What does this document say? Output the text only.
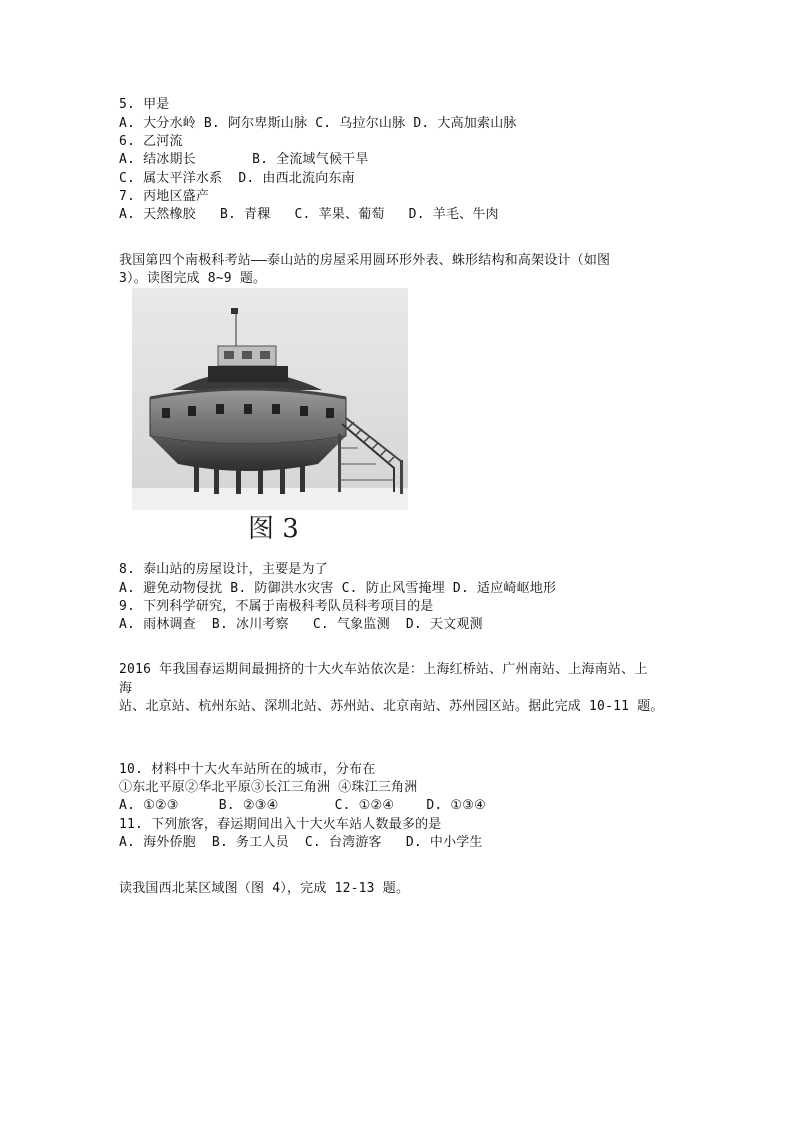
5. 甲是
A. 大分水岭 B. 阿尔卑斯山脉 C. 乌拉尔山脉 D. 大高加索山脉
6. 乙河流
A. 结冰期长       B. 全流域气候干旱
C. 属太平洋水系  D. 由西北流向东南
7. 丙地区盛产
A. 天然橡胶   B. 青稞   C. 苹果、葡萄   D. 羊毛、牛肉
我国第四个南极科考站——泰山站的房屋采用圆环形外表、蛛形结构和高架设计（如图
3）。读图完成 8~9 题。
图 3
8. 泰山站的房屋设计，主要是为了
A. 避免动物侵扰 B. 防御洪水灾害 C. 防止风雪掩埋 D. 适应崎岖地形
9. 下列科学研究，不属于南极科考队员科考项目的是
A. 雨林调查  B. 冰川考察   C. 气象监测  D. 天文观测
2016 年我国春运期间最拥挤的十大火车站依次是：上海红桥站、广州南站、上海南站、上
海
站、北京站、杭州东站、深圳北站、苏州站、北京南站、苏州园区站。据此完成 10-11 题。
10. 材料中十大火车站所在的城市，分布在
①东北平原②华北平原③长江三角洲 ④珠江三角洲
A. ①②③     B. ②③④       C. ①②④    D. ①③④
11. 下列旅客，春运期间出入十大火车站人数最多的是
A. 海外侨胞  B. 务工人员  C. 台湾游客   D. 中小学生
读我国西北某区域图（图 4），完成 12-13 题。
